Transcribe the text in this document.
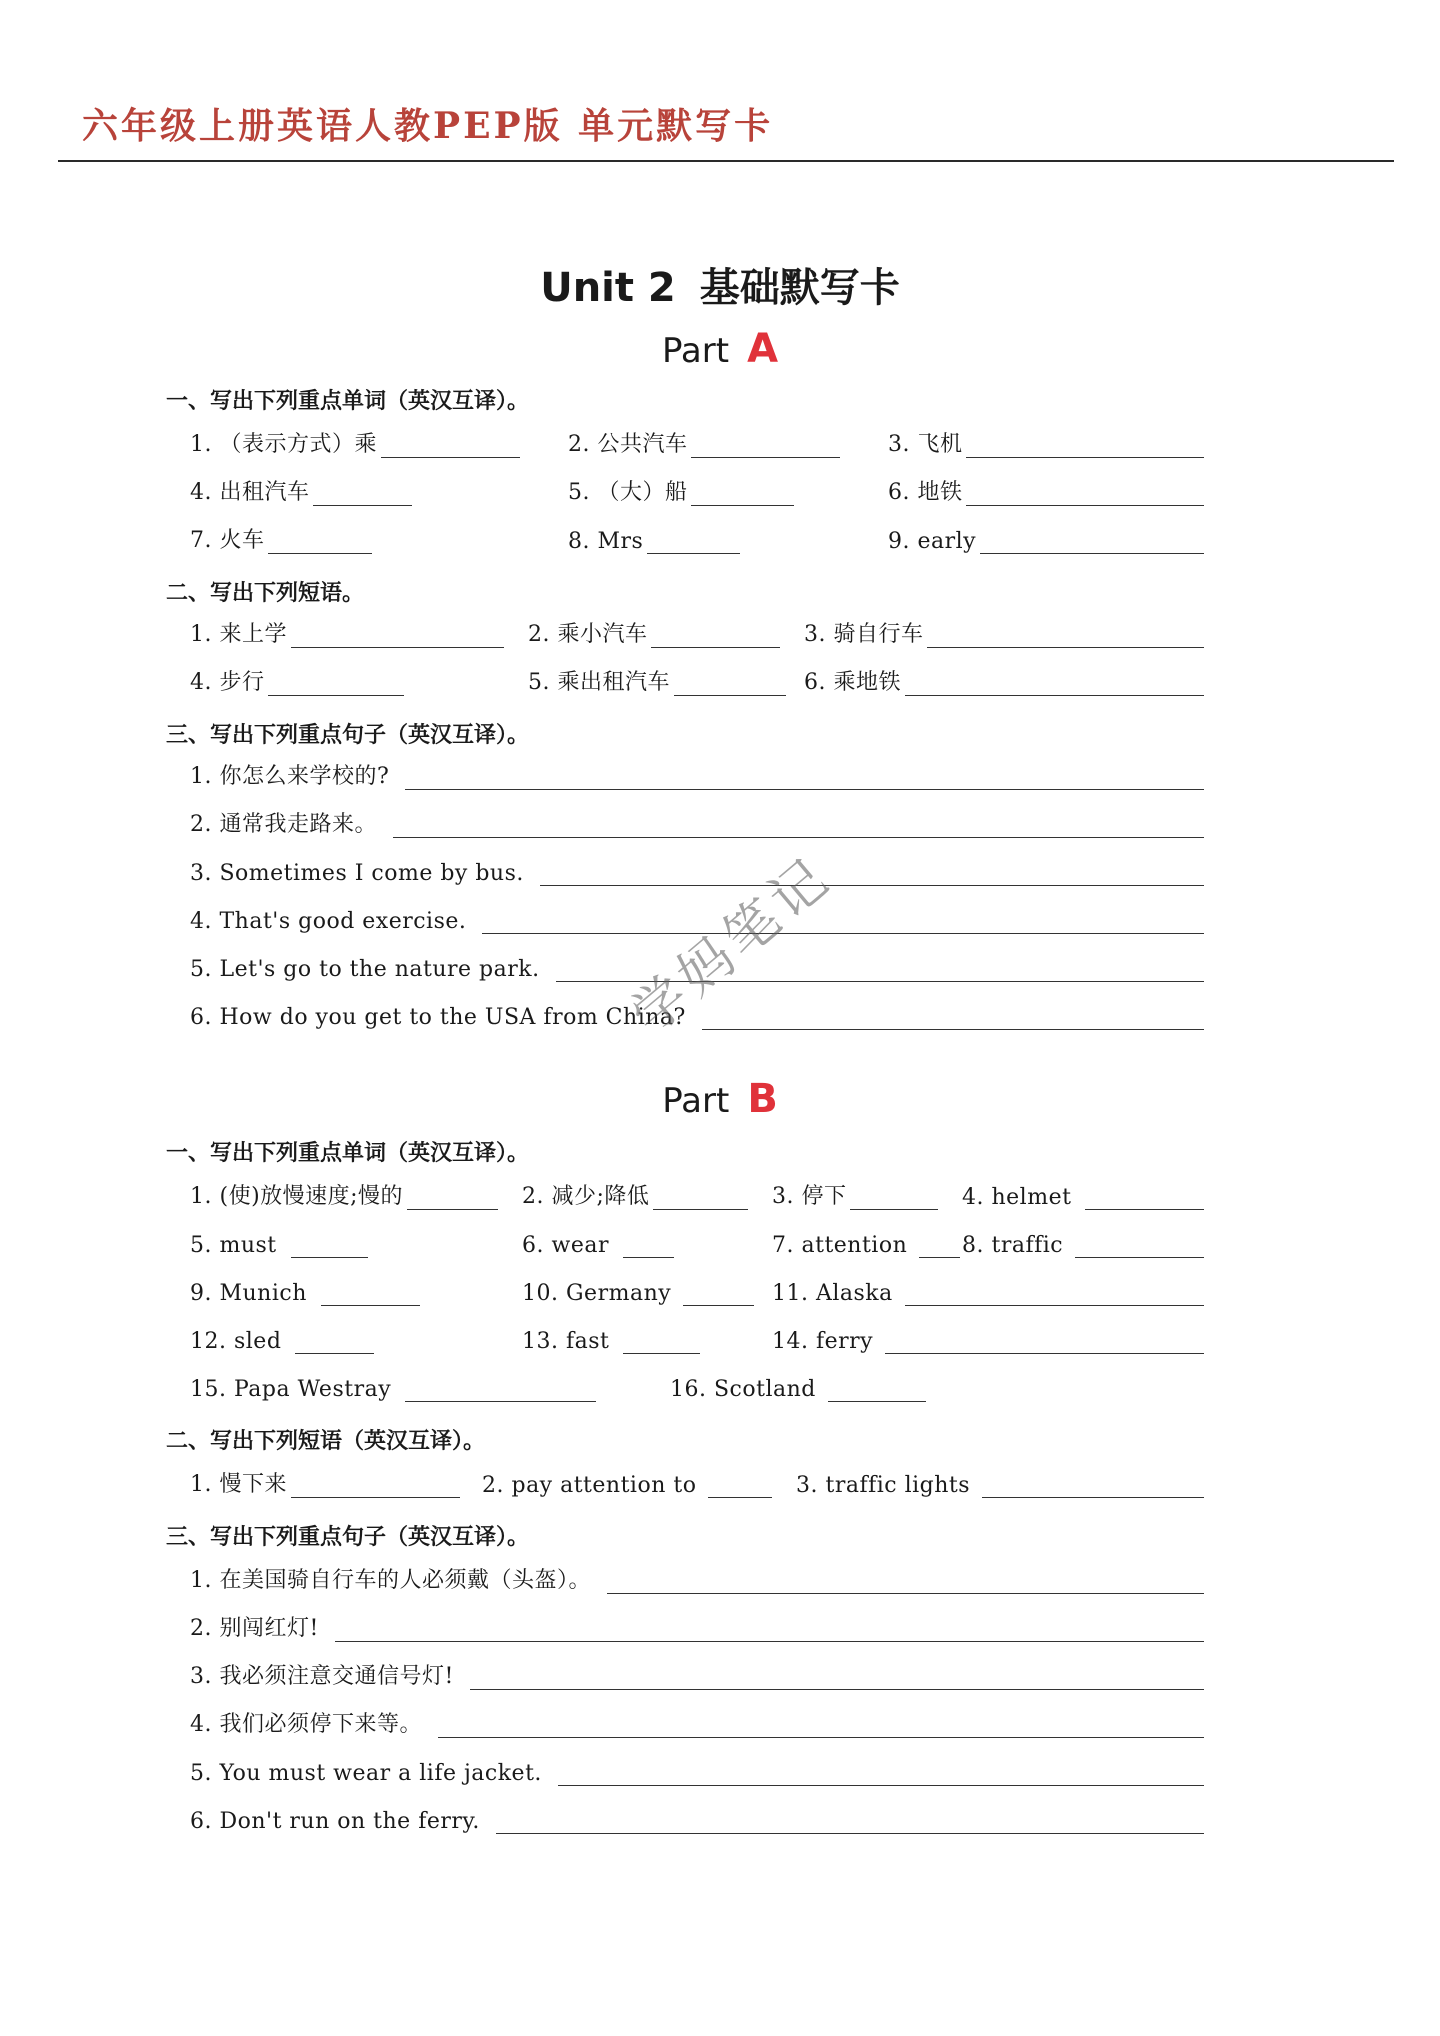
六年级上册英语人教PEP版 单元默写卡
Unit 2 基础默写卡
Part A
一、写出下列重点单词（英汉互译）。
1. （表示方式）乘	2. 公共汽车	3. 飞机
4. 出租汽车	5. （大）船	6. 地铁
7. 火车	8. Mrs	9. early
二、写出下列短语。
1. 来上学	2. 乘小汽车	3. 骑自行车
4. 步行	5. 乘出租汽车	6. 乘地铁
三、写出下列重点句子（英汉互译）。
1. 你怎么来学校的?
2. 通常我走路来。
3. Sometimes I come by bus.
4. That's good exercise.
5. Let's go to the nature park.
6. How do you get to the USA from China?
Part B
一、写出下列重点单词（英汉互译）。
1. (使)放慢速度;慢的	2. 减少;降低	3. 停下	4. helmet
5. must	6. wear	7. attention 8. traffic
9. Munich	10. Germany	11. Alaska
12. sled	13. fast	14. ferry
15. Papa Westray	16. Scotland
二、写出下列短语（英汉互译）。
1. 慢下来	2. pay attention to	3. traffic lights
三、写出下列重点句子（英汉互译）。
1. 在美国骑自行车的人必须戴（头盔）。
2. 别闯红灯!
3. 我必须注意交通信号灯!
4. 我们必须停下来等。
5. You must wear a life jacket.
6. Don't run on the ferry.
学妈笔记
